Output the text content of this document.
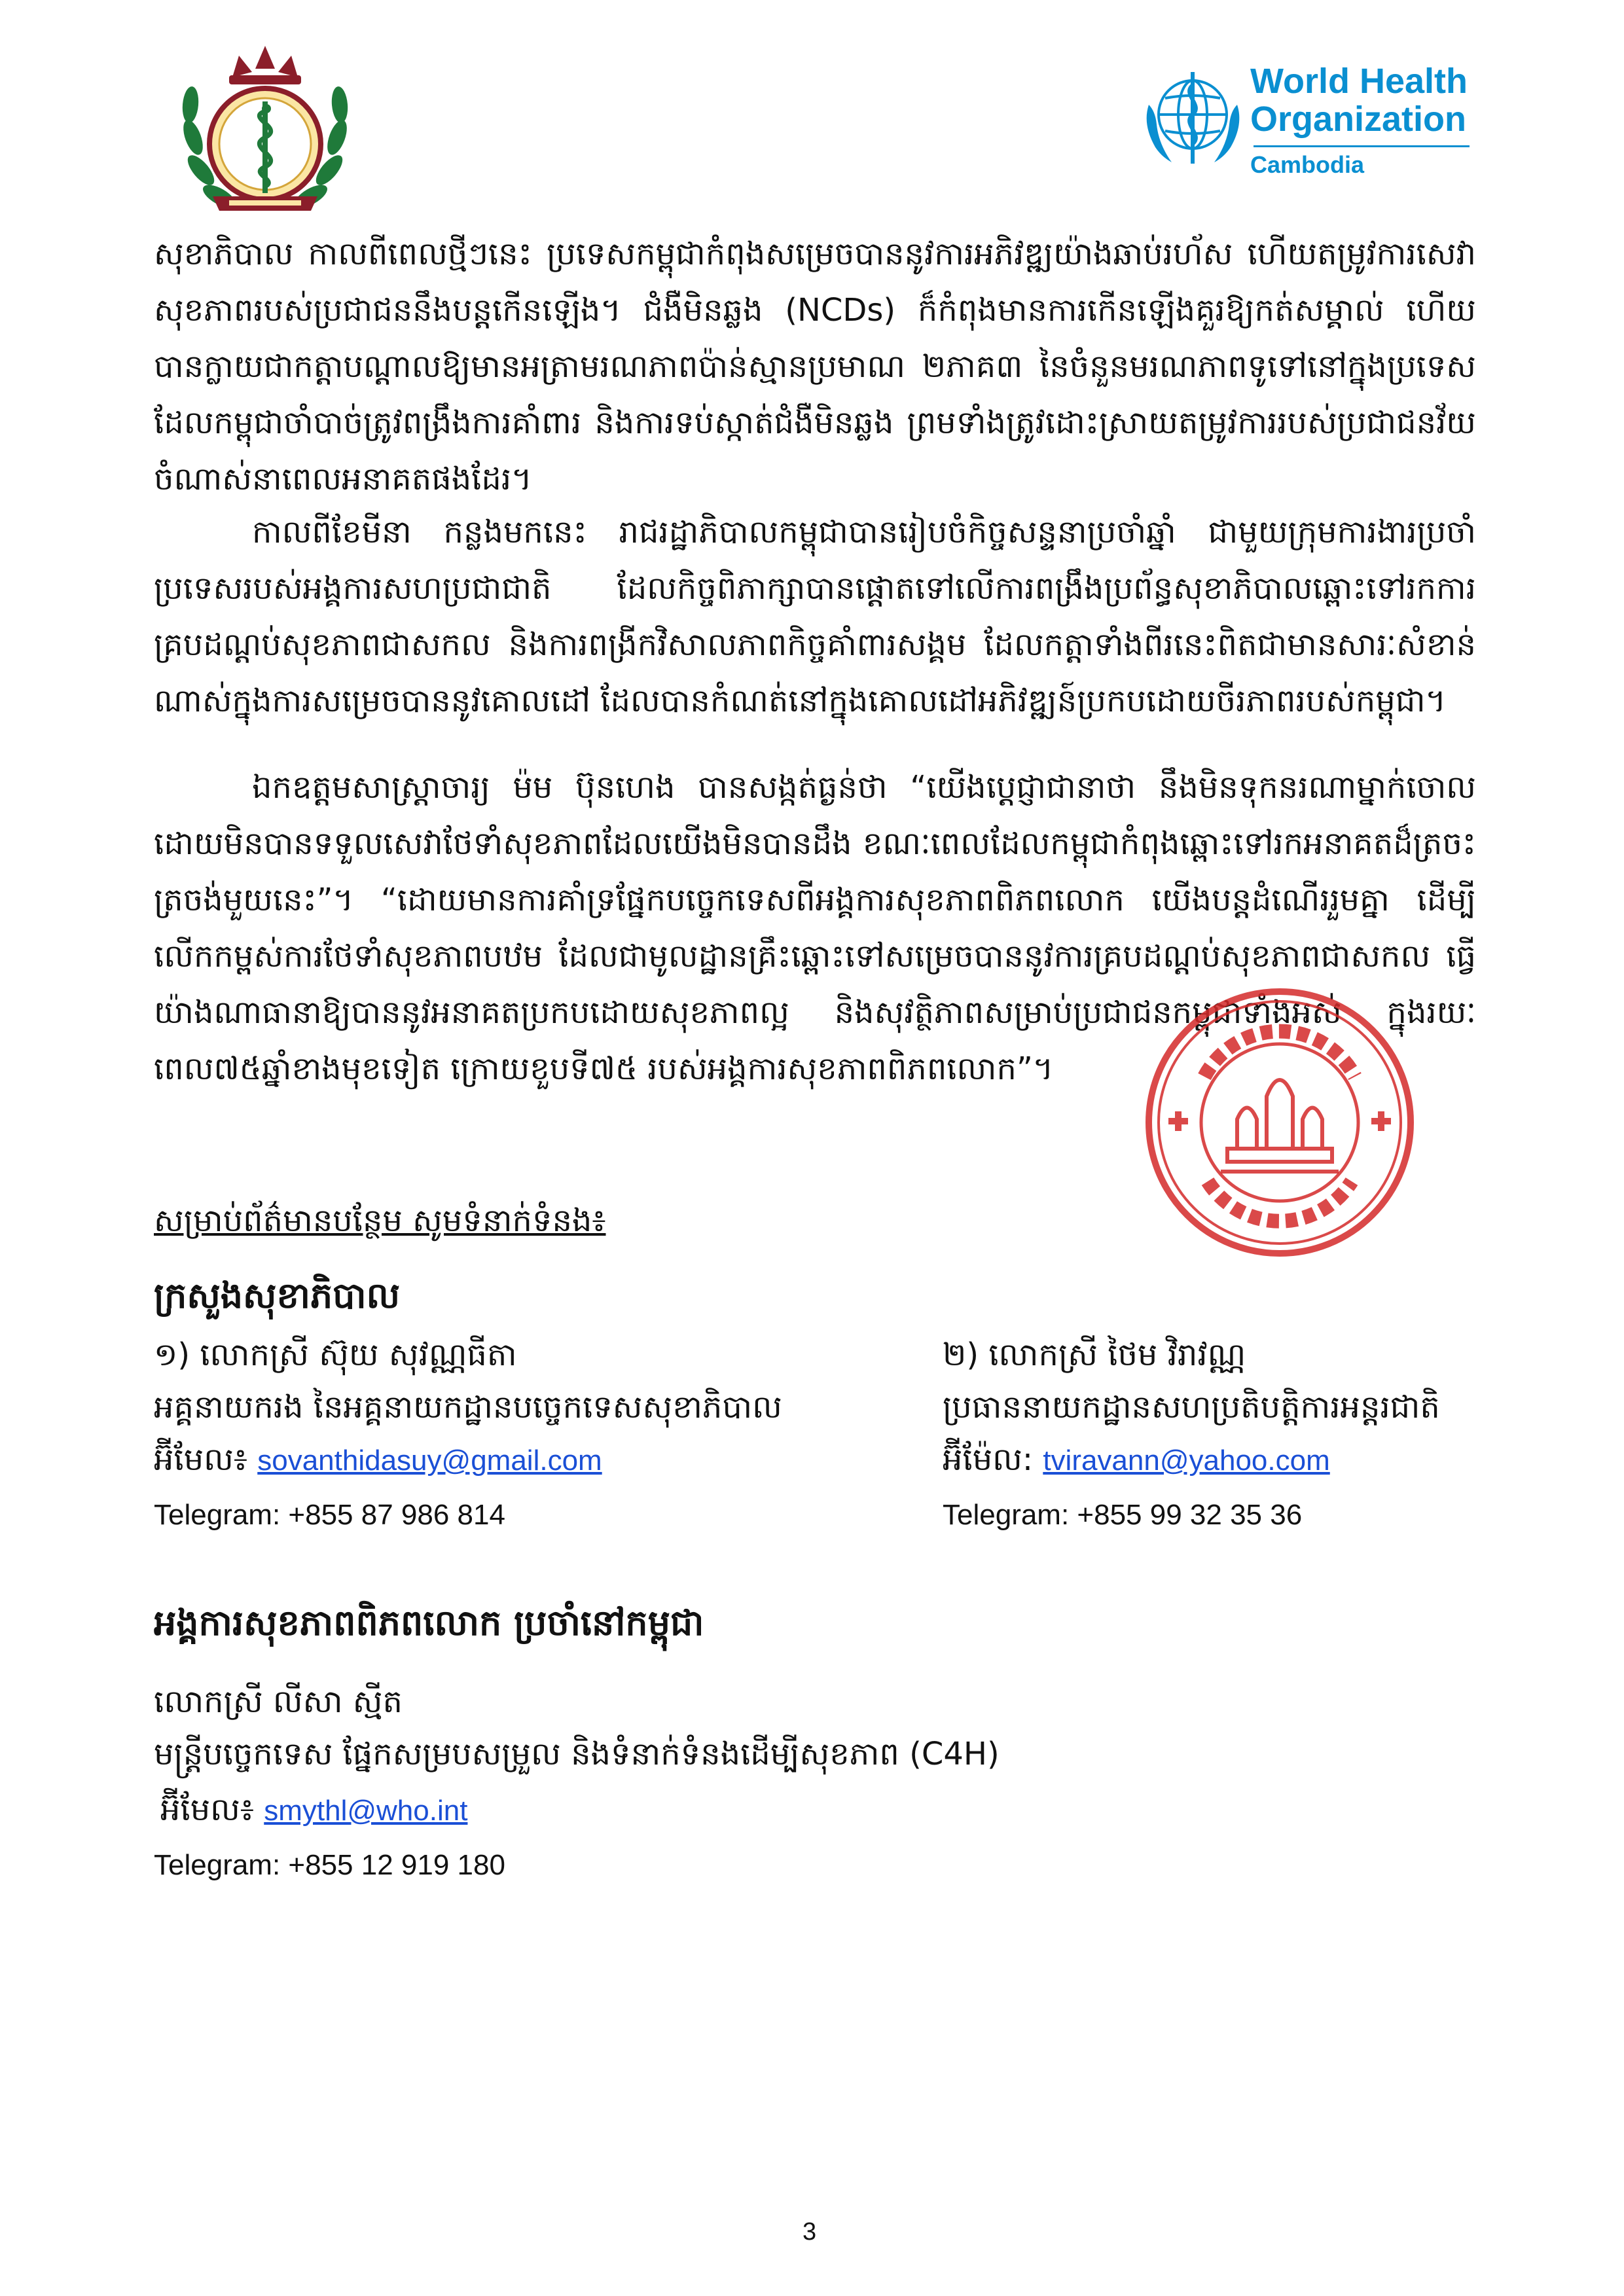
World Health
Organization
Cambodia

សុខាភិបាល កាលពីពេលថ្មីៗនេះ ប្រទេសកម្ពុជាកំពុងសម្រេចបាននូវការអភិវឌ្ឍយ៉ាងឆាប់រហ័ស ហើយតម្រូវការសេវាសុខភាពរបស់ប្រជាជននឹងបន្តកើនឡើង។ ជំងឺមិនឆ្លង (NCDs) ក៏កំពុងមានការកើនឡើងគួរឱ្យកត់សម្គាល់ ហើយបានក្លាយជាកត្តាបណ្តាលឱ្យមានអត្រាមរណភាពប៉ាន់ស្មានប្រមាណ ២ភាគ៣ នៃចំនួនមរណភាពទូទៅនៅក្នុងប្រទេស ដែលកម្ពុជាចាំបាច់ត្រូវពង្រឹងការគាំពារ និងការទប់ស្កាត់ជំងឺមិនឆ្លង ព្រមទាំងត្រូវដោះស្រាយតម្រូវការរបស់ប្រជាជនវ័យចំណាស់នាពេលអនាគតផងដែរ។

កាលពីខែមីនា កន្លងមកនេះ រាជរដ្ឋាភិបាលកម្ពុជាបានរៀបចំកិច្ចសន្ទនាប្រចាំឆ្នាំ ជាមួយក្រុមការងារប្រចាំប្រទេសរបស់អង្គការសហប្រជាជាតិ ដែលកិច្ចពិភាក្សាបានផ្តោតទៅលើការពង្រឹងប្រព័ន្ធសុខាភិបាលឆ្ពោះទៅរកការគ្របដណ្តប់សុខភាពជាសកល និងការពង្រីកវិសាលភាពកិច្ចគាំពារសង្គម ដែលកត្តាទាំងពីរនេះពិតជាមានសារៈសំខាន់ណាស់ក្នុងការសម្រេចបាននូវគោលដៅ ដែលបានកំណត់នៅក្នុងគោលដៅអភិវឌ្ឍន៍ប្រកបដោយចីរភាពរបស់កម្ពុជា។

ឯកឧត្តមសាស្ត្រាចារ្យ ម៉ម ប៊ុនហេង បានសង្កត់ធ្ងន់ថា “យើងប្តេជ្ញាជានាថា នឹងមិនទុកនរណាម្នាក់ចោលដោយមិនបានទទួលសេវាថែទាំសុខភាពដែលយើងមិនបានដឹង ខណៈពេលដែលកម្ពុជាកំពុងឆ្ពោះទៅរកអនាគតដ៏ត្រចះត្រចង់មួយនេះ”។ “ដោយមានការគាំទ្រផ្នែកបច្ចេកទេសពីអង្គការសុខភាពពិភពលោក យើងបន្តដំណើររួមគ្នា ដើម្បីលើកកម្ពស់ការថែទាំសុខភាពបឋម ដែលជាមូលដ្ឋានគ្រឹះឆ្ពោះទៅសម្រេចបាននូវការគ្របដណ្តប់សុខភាពជាសកល ធ្វើយ៉ាងណាធានាឱ្យបាននូវអនាគតប្រកបដោយសុខភាពល្អ និងសុវត្ថិភាពសម្រាប់ប្រជាជនកម្ពុជាទាំងអស់ ក្នុងរយៈពេល៧៥ឆ្នាំខាងមុខទៀត ក្រោយខួបទី៧៥ របស់អង្គការសុខភាពពិភពលោក”។

សម្រាប់ព័ត៌មានបន្ថែម សូមទំនាក់ទំនង៖
ក្រសួងសុខាភិបាល
១) លោកស្រី ស៊ុយ សុវណ្ណធីតា
អគ្គនាយករង នៃអគ្គនាយកដ្ឋានបច្ចេកទេសសុខាភិបាល
អ៊ីមែល៖ sovanthidasuy@gmail.com
Telegram: +855 87 986 814
២) លោកស្រី ថៃម វិរាវណ្ណ
ប្រធាននាយកដ្ឋានសហប្រតិបត្តិការអន្តរជាតិ
អ៊ីម៉ែល: tviravann@yahoo.com
Telegram: +855 99 32 35 36
អង្គការសុខភាពពិភពលោក ប្រចាំនៅកម្ពុជា
លោកស្រី លីសា ស្មីត
មន្ត្រីបច្ចេកទេស ផ្នែកសម្របសម្រួល និងទំនាក់ទំនងដើម្បីសុខភាព (C4H)
អ៊ីមែល៖ smythl@who.int
Telegram: +855 12 919 180
3
